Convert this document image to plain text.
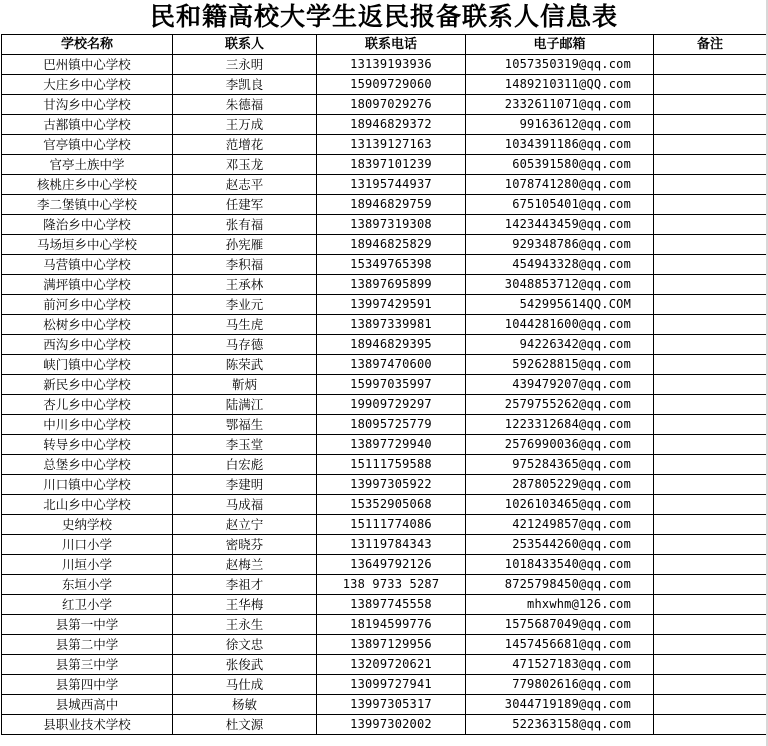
民和籍高校大学生返民报备联系人信息表
学校名称	联系人	联系电话	电子邮箱	备注
巴州镇中心学校	三永明	13139193936	1057350319@qq.com	
大庄乡中心学校	李凯良	15909729060	1489210311@QQ.com	
甘沟乡中心学校	朱德福	18097029276	2332611071@qq.com	
古鄯镇中心学校	王万成	18946829372	99163612@qq.com	
官亭镇中心学校	范增花	13139127163	1034391186@qq.com	
官亭土族中学	邓玉龙	18397101239	605391580@qq.com	
核桃庄乡中心学校	赵志平	13195744937	1078741280@qq.com	
李二堡镇中心学校	任建军	18946829759	675105401@qq.com	
隆治乡中心学校	张有福	13897319308	1423443459@qq.com	
马场垣乡中心学校	孙宪雁	18946825829	929348786@qq.com	
马营镇中心学校	李积福	15349765398	454943328@qq.com	
满坪镇中心学校	王承林	13897695899	3048853712@qq.com	
前河乡中心学校	李业元	13997429591	542995614QQ.COM	
松树乡中心学校	马生虎	13897339981	1044281600@qq.com	
西沟乡中心学校	马存德	18946829395	94226342@qq.com	
峡门镇中心学校	陈荣武	13897470600	592628815@qq.com	
新民乡中心学校	靳炳	15997035997	439479207@qq.com	
杏儿乡中心学校	陆满江	19909729297	2579755262@qq.com	
中川乡中心学校	鄂福生	18095725779	1223312684@qq.com	
转导乡中心学校	李玉堂	13897729940	2576990036@qq.com	
总堡乡中心学校	白宏彪	15111759588	975284365@qq.com	
川口镇中心学校	李建明	13997305922	287805229@qq.com	
北山乡中心学校	马成福	15352905068	1026103465@qq.com	
史纳学校	赵立宁	15111774086	421249857@qq.com	
川口小学	密晓芬	13119784343	253544260@qq.com	
川垣小学	赵梅兰	13649792126	1018433540@qq.com	
东垣小学	李祖才	138 9733 5287	8725798450@qq.com	
红卫小学	王华梅	13897745558	mhxwhm@126.com	
县第一中学	王永生	18194599776	1575687049@qq.com	
县第二中学	徐文忠	13897129956	1457456681@qq.com	
县第三中学	张俊武	13209720621	471527183@qq.com	
县第四中学	马仕成	13099727941	779802616@qq.com	
县城西高中	杨敏	13997305317	3044719189@qq.com	
县职业技术学校	杜文源	13997302002	522363158@qq.com	
